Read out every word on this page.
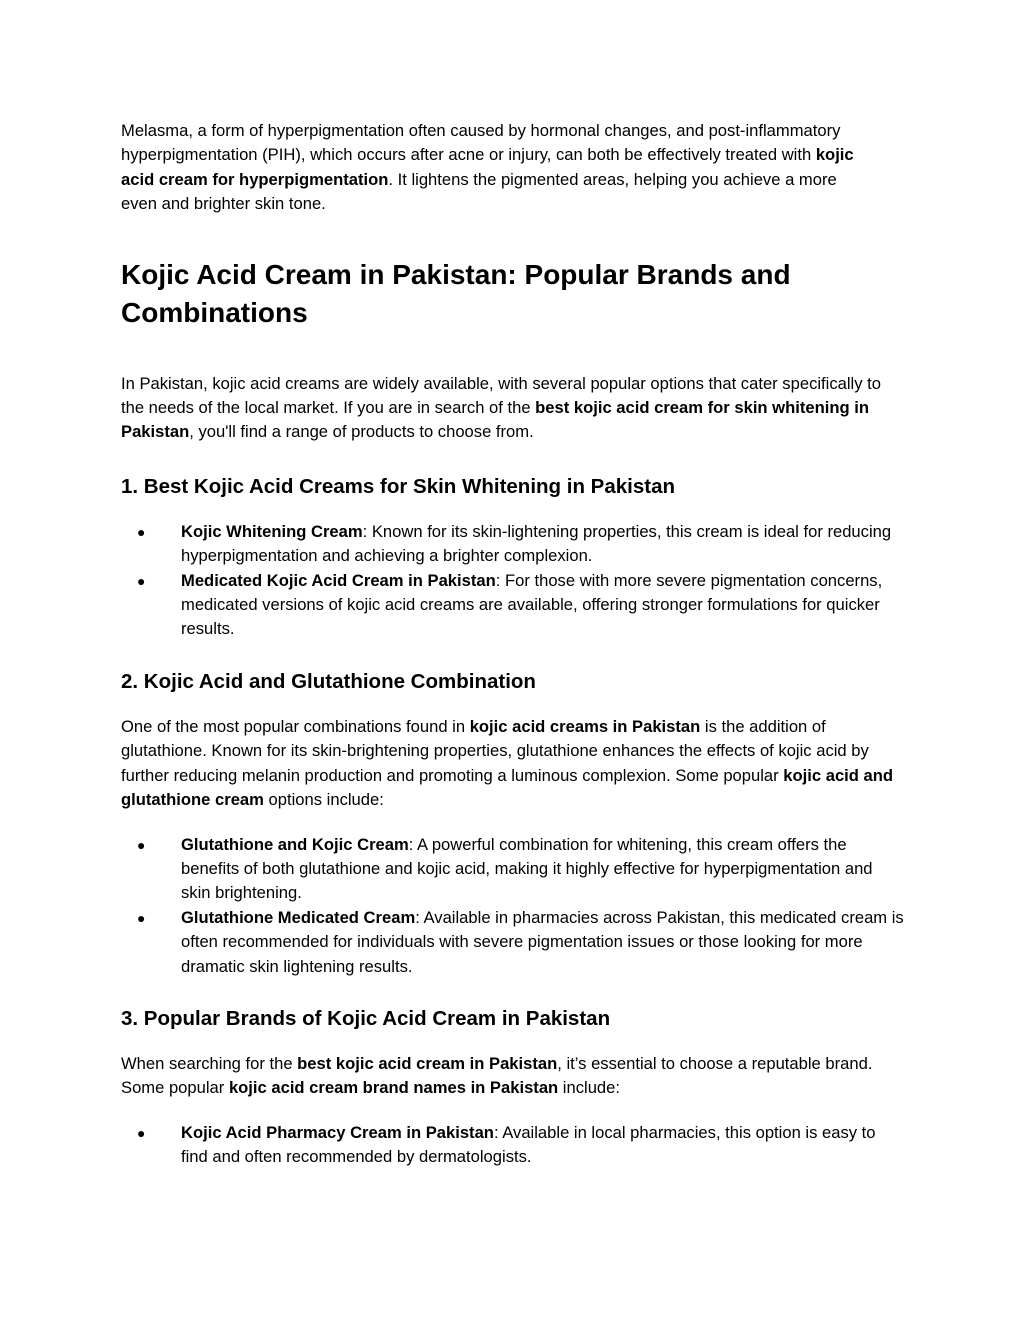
Melasma, a form of hyperpigmentation often caused by hormonal changes, and post-inflammatory hyperpigmentation (PIH), which occurs after acne or injury, can both be effectively treated with kojic acid cream for hyperpigmentation. It lightens the pigmented areas, helping you achieve a more even and brighter skin tone.

Kojic Acid Cream in Pakistan: Popular Brands and Combinations

In Pakistan, kojic acid creams are widely available, with several popular options that cater specifically to the needs of the local market. If you are in search of the best kojic acid cream for skin whitening in Pakistan, you'll find a range of products to choose from.

1. Best Kojic Acid Creams for Skin Whitening in Pakistan
● Kojic Whitening Cream: Known for its skin-lightening properties, this cream is ideal for reducing hyperpigmentation and achieving a brighter complexion.
● Medicated Kojic Acid Cream in Pakistan: For those with more severe pigmentation concerns, medicated versions of kojic acid creams are available, offering stronger formulations for quicker results.
2. Kojic Acid and Glutathione Combination

One of the most popular combinations found in kojic acid creams in Pakistan is the addition of glutathione. Known for its skin-brightening properties, glutathione enhances the effects of kojic acid by further reducing melanin production and promoting a luminous complexion. Some popular kojic acid and glutathione cream options include:

● Glutathione and Kojic Cream: A powerful combination for whitening, this cream offers the benefits of both glutathione and kojic acid, making it highly effective for hyperpigmentation and skin brightening.
● Glutathione Medicated Cream: Available in pharmacies across Pakistan, this medicated cream is often recommended for individuals with severe pigmentation issues or those looking for more dramatic skin lightening results.
3. Popular Brands of Kojic Acid Cream in Pakistan

When searching for the best kojic acid cream in Pakistan, it’s essential to choose a reputable brand. Some popular kojic acid cream brand names in Pakistan include:

● Kojic Acid Pharmacy Cream in Pakistan: Available in local pharmacies, this option is easy to find and often recommended by dermatologists.
